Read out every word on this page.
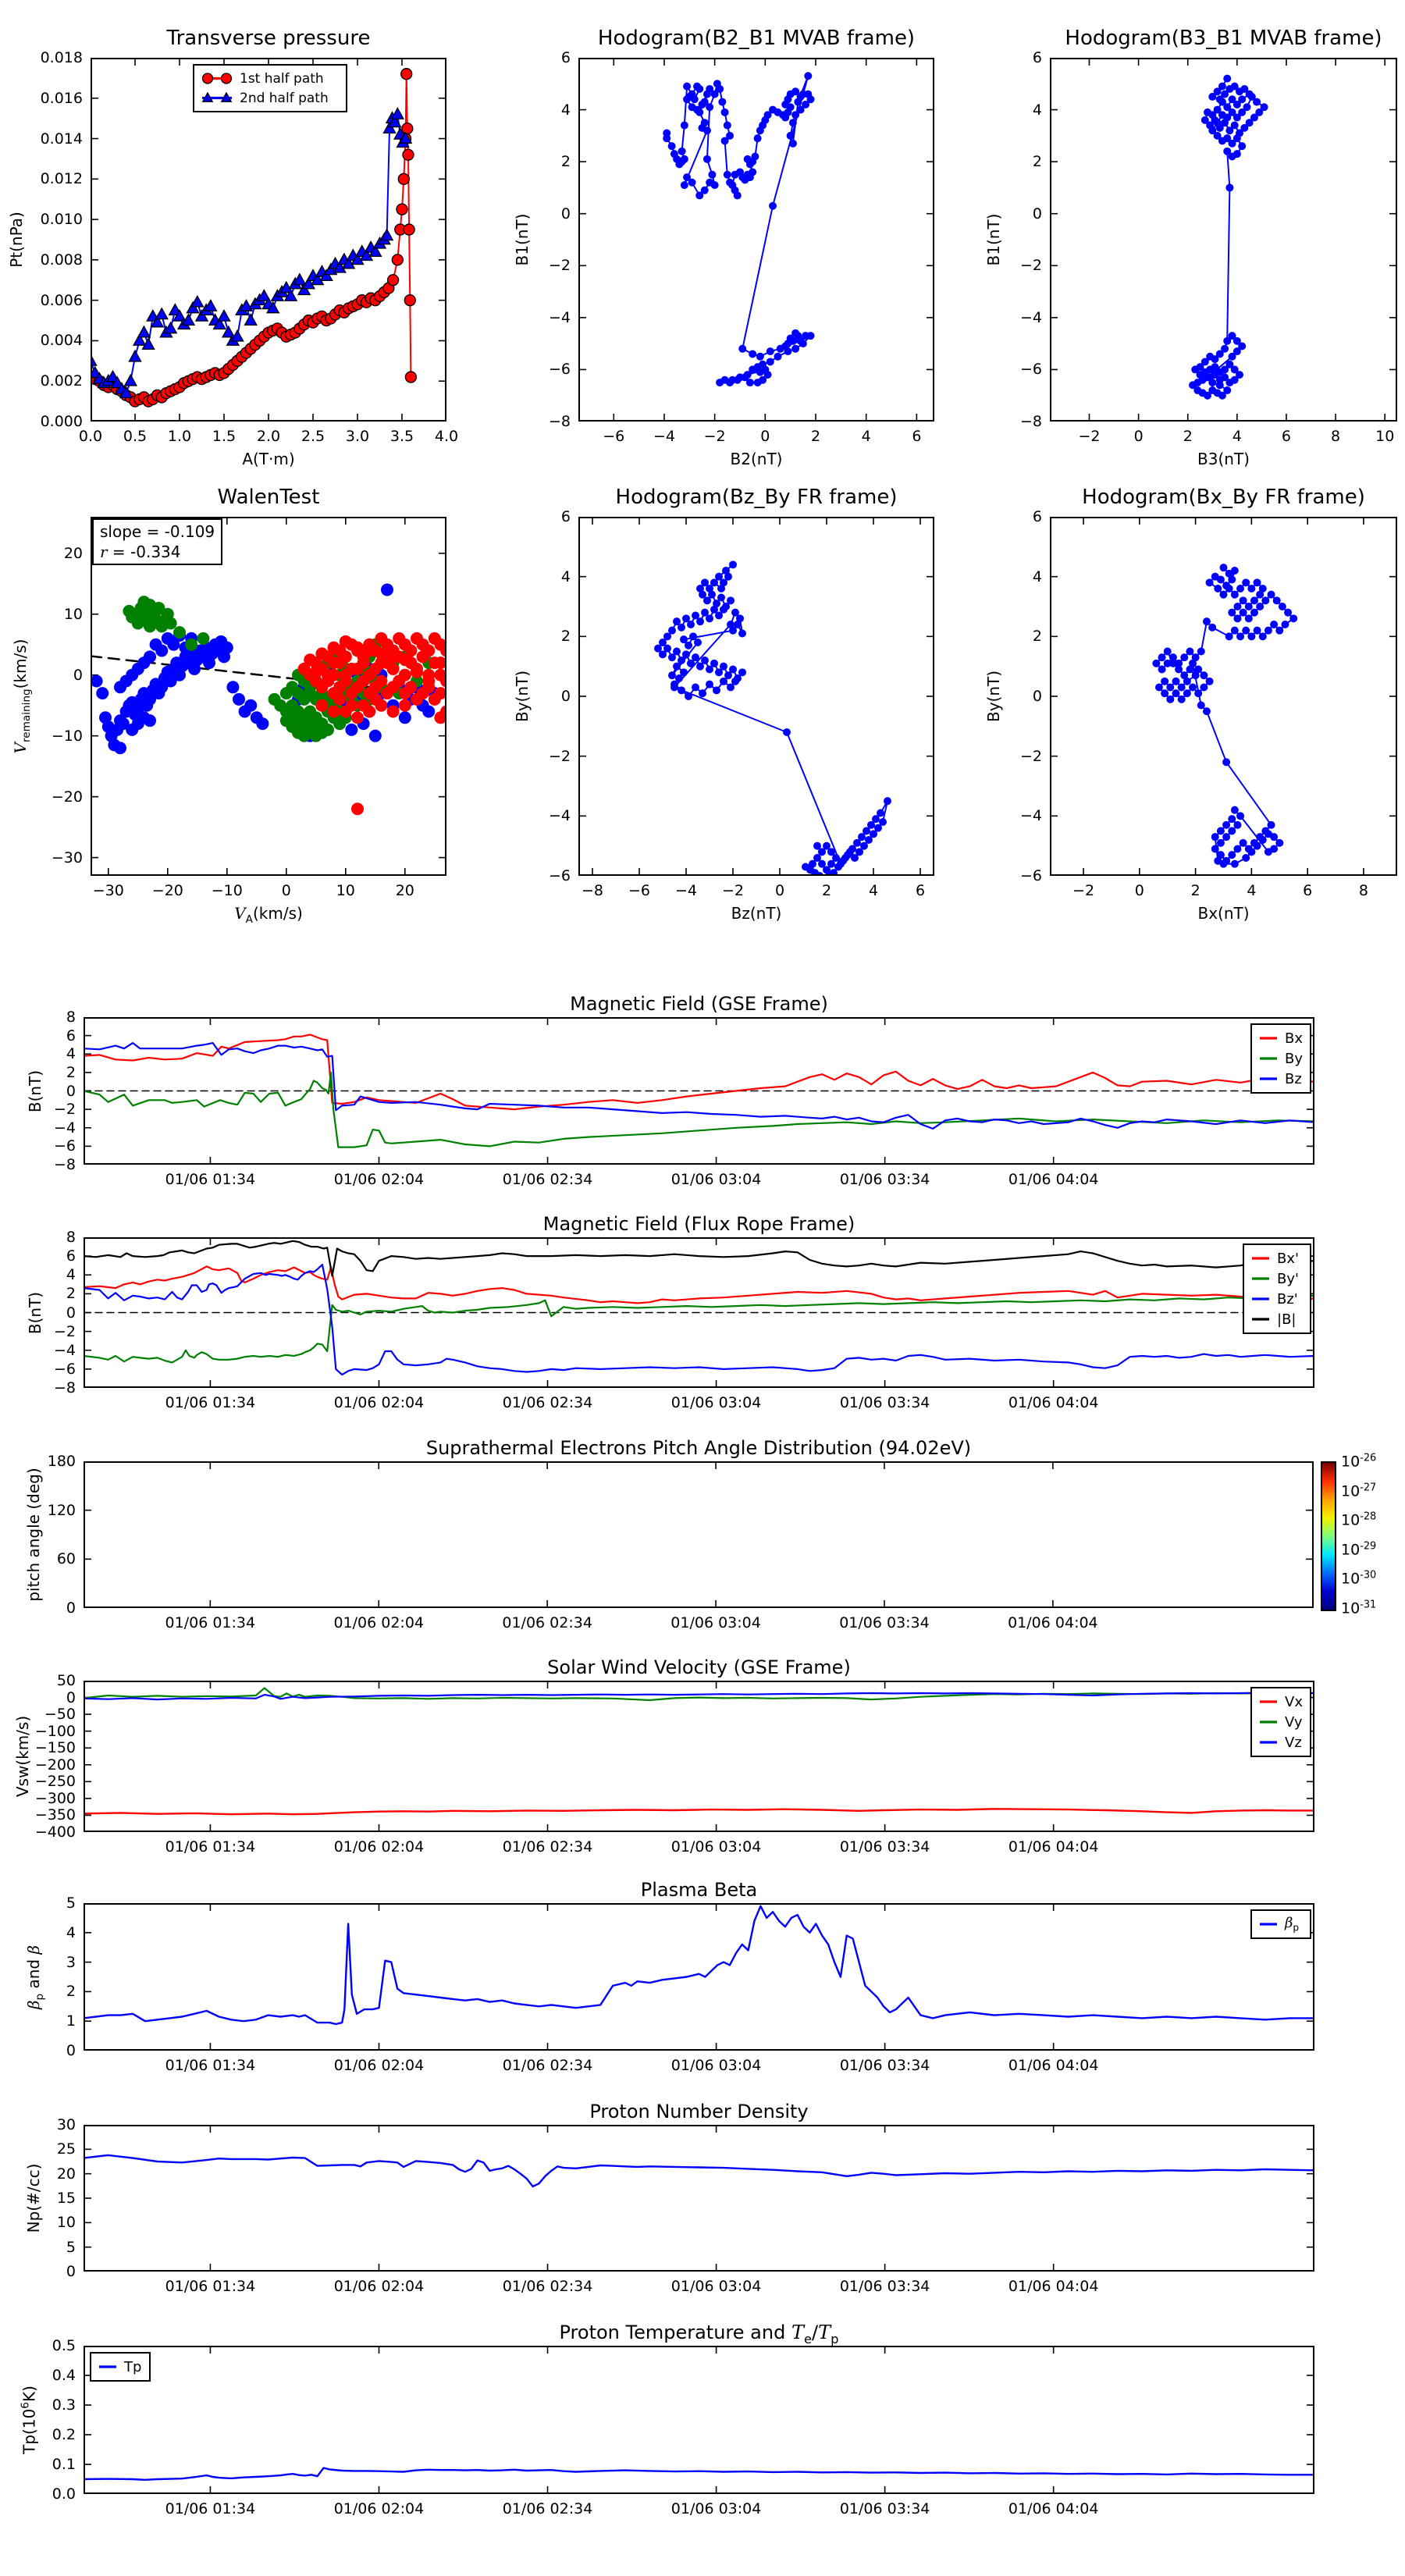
Transverse pressure
0.0	0.5	1.0	1.5	2.0	2.5	3.0	3.5	4.0
0.000
0.002
0.004
0.006
0.008
0.010
0.012
0.014
0.016
0.018
A(T·m)
Pt(nPa)
1st half path
2nd half path
Hodogram(B2_B1 MVAB frame)
−6	−4	−2	0	2	4	6
−8
−6
−4
−2
0
2
4
6
B2(nT)
B1(nT)
Hodogram(B3_B1 MVAB frame)
−2	0	2	4	6	8	10
−8
−6
−4
−2
0
2
4
6
B3(nT)
B1(nT)
WalenTest
−30	−20	−10	0	10	20
−30
−20
−10
0
10
20
$V_A(km/s)$
$V_{remaining}(km/s)$
slope = -0.109
r = -0.334
Hodogram(Bz_By FR frame)
−8	−6	−4	−2	0	2	4	6
−6
−4
−2
0
2
4
6
Bz(nT)
By(nT)
Hodogram(Bx_By FR frame)
−2	0	2	4	6	8
−6
−4
−2
0
2
4
6
Bx(nT)
By(nT)
Magnetic Field (GSE Frame)
01/06 01:34	01/06 02:04	01/06 02:34	01/06 03:04	01/06 03:34	01/06 04:04
−8
−6
−4
−2
0
2
4
6
8
B(nT)
Bx
By
Bz
Magnetic Field (Flux Rope Frame)
01/06 01:34	01/06 02:04	01/06 02:34	01/06 03:04	01/06 03:34	01/06 04:04
−8
−6
−4
−2
0
2
4
6
8
B(nT)
Bx'
By'
Bz'
|B|
Suprathermal Electrons Pitch Angle Distribution (94.02eV)
01/06 01:34	01/06 02:04	01/06 02:34	01/06 03:04	01/06 03:34	01/06 04:04
0
60
120
180
pitch angle (deg)
$10^{-26}$
$10^{-27}$
$10^{-28}$
$10^{-29}$
$10^{-30}$
$10^{-31}$
Solar Wind Velocity (GSE Frame)
01/06 01:34	01/06 02:04	01/06 02:34	01/06 03:04	01/06 03:34	01/06 04:04
−400
−350
−300
−250
−200
−150
−100
−50
0
50
Vsw(km/s)
Vx
Vy
Vz
Plasma Beta
01/06 01:34	01/06 02:04	01/06 02:34	01/06 03:04	01/06 03:34	01/06 04:04
0
1
2
3
4
5
$\beta_p$ and β
$\beta_p$
Proton Number Density
01/06 01:34	01/06 02:04	01/06 02:34	01/06 03:04	01/06 03:34	01/06 04:04
0
5
10
15
20
25
30
Np(#/cc)
Proton Temperature and $T_e/T_p$
01/06 01:34	01/06 02:04	01/06 02:34	01/06 03:04	01/06 03:34	01/06 04:04
0.0
0.1
0.2
0.3
0.4
0.5
$Tp(10^6K)$
Tp
